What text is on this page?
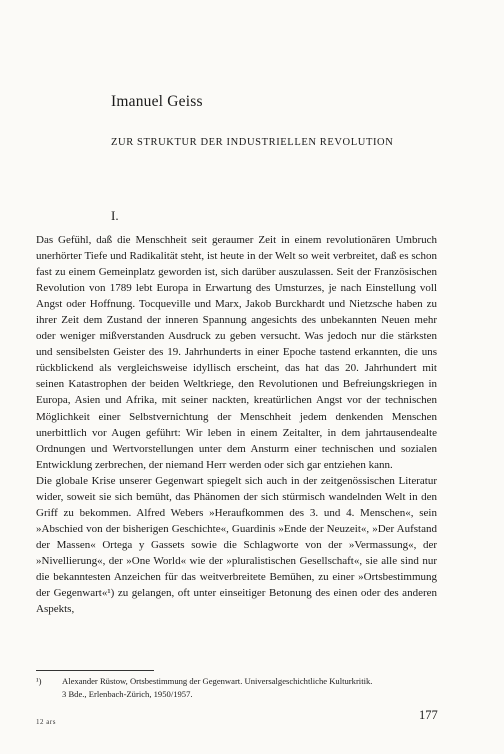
Imanuel Geiss
ZUR STRUKTUR DER INDUSTRIELLEN REVOLUTION
I.

Das Gefühl, daß die Menschheit seit geraumer Zeit in einem revolutionären Umbruch unerhörter Tiefe und Radikalität steht, ist heute in der Welt so weit verbreitet, daß es schon fast zu einem Gemeinplatz geworden ist, sich darüber auszulassen. Seit der Französischen Revolution von 1789 lebt Europa in Erwartung des Umsturzes, je nach Einstellung voll Angst oder Hoffnung. Tocqueville und Marx, Jakob Burckhardt und Nietzsche haben zu ihrer Zeit dem Zustand der inneren Spannung angesichts des unbekannten Neuen mehr oder weniger mißverstanden Ausdruck zu geben versucht. Was jedoch nur die stärksten und sensibelsten Geister des 19. Jahrhunderts in einer Epoche tastend erkannten, die uns rückblickend als vergleichsweise idyllisch erscheint, das hat das 20. Jahrhundert mit seinen Katastrophen der beiden Weltkriege, den Revolutionen und Befreiungskriegen in Europa, Asien und Afrika, mit seiner nackten, kreatürlichen Angst vor der technischen Möglichkeit einer Selbstvernichtung der Menschheit jedem denkenden Menschen unerbittlich vor Augen geführt: Wir leben in einem Zeitalter, in dem jahrtausendealte Ordnungen und Wertvorstellungen unter dem Ansturm einer technischen und sozialen Entwicklung zerbrechen, der niemand Herr werden oder sich gar entziehen kann.

Die globale Krise unserer Gegenwart spiegelt sich auch in der zeitgenössischen Literatur wider, soweit sie sich bemüht, das Phänomen der sich stürmisch wandelnden Welt in den Griff zu bekommen. Alfred Webers »Heraufkommen des 3. und 4. Menschen«, sein »Abschied von der bisherigen Geschichte«, Guardinis »Ende der Neuzeit«, »Der Aufstand der Massen« Ortega y Gassets sowie die Schlagworte von der »Vermassung«, der »Nivellierung«, der »One World« wie der »pluralistischen Gesellschaft«, sie alle sind nur die bekanntesten Anzeichen für das weitverbreitete Bemühen, zu einer »Ortsbestimmung der Gegenwart«¹) zu gelangen, oft unter einseitiger Betonung des einen oder des anderen Aspekts,

¹) Alexander Rüstow, Ortsbestimmung der Gegenwart. Universalgeschichtliche Kulturkritik.
3 Bde., Erlenbach-Zürich, 1950/1957.

12 ars	177
